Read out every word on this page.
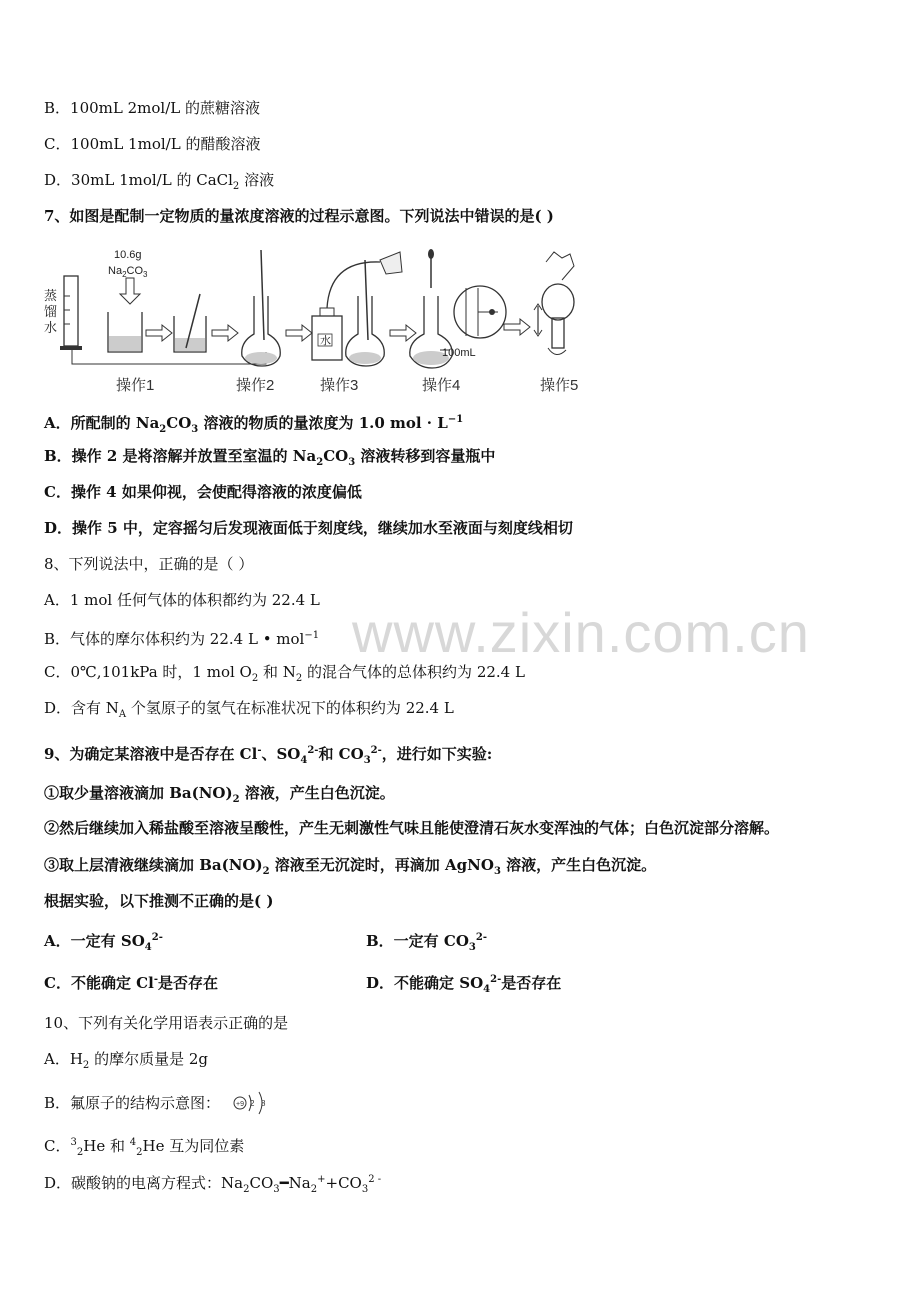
www.zixin.com.cn
B．100mL 2mol/L 的蔗糖溶液
C．100mL 1mol/L 的醋酸溶液
D．30mL 1mol/L 的 CaCl$_2$ 溶液
7、如图是配制一定物质的量浓度溶液的过程示意图。下列说法中错误的是( )
蒸
馏
水
10.6g
$Na_2CO_3$
水
100mL
操作1	操作2	操作3	操作4	操作5
A．所配制的 $Na_2CO_3$ 溶液的物质的量浓度为 1.0 mol · $L^{-1}$
B．操作 2 是将溶解并放置至室温的 $Na_2CO_3$ 溶液转移到容量瓶中
C．操作 4 如果仰视，会使配得溶液的浓度偏低
D．操作 5 中，定容摇匀后发现液面低于刻度线，继续加水至液面与刻度线相切
8、下列说法中，正确的是（ ）
A．1 mol 任何气体的体积都约为 22.4 L
B．气体的摩尔体积约为 22.4 L • mol$^{-1}$
C．0℃,101kPa 时，1 mol $O_2$ 和 $N_2$ 的混合气体的总体积约为 22.4 L
D．含有 $N_A$ 个氢原子的氢气在标准状况下的体积约为 22.4 L
9、为确定某溶液中是否存在 Cl-、$SO_4^{2-}$和 $CO_3^{2-}$，进行如下实验:
①取少量溶液滴加 $Ba(NO)_2$ 溶液，产生白色沉淀。
②然后继续加入稀盐酸至溶液呈酸性，产生无刺激性气味且能使澄清石灰水变浑浊的气体；白色沉淀部分溶解。
③取上层清液继续滴加 $Ba(NO)_2$ 溶液至无沉淀时，再滴加 AgNO$_3$ 溶液，产生白色沉淀。
根据实验，以下推测不正确的是( )
A．一定有 $SO_4^{2-}$	B．一定有 $CO_3^{2-}$
C．不能确定 Cl-是否存在	D．不能确定 $SO_4^{2-}$是否存在
10、下列有关化学用语表示正确的是
A．$H_2$ 的摩尔质量是 2g
B．氟原子的结构示意图： +9 2 8
C．$^3_2$He 和 $^4_2$He 互为同位素
D．碳酸钠的电离方程式：$Na_2CO_3━Na_2^++CO_3^{2 -}$
